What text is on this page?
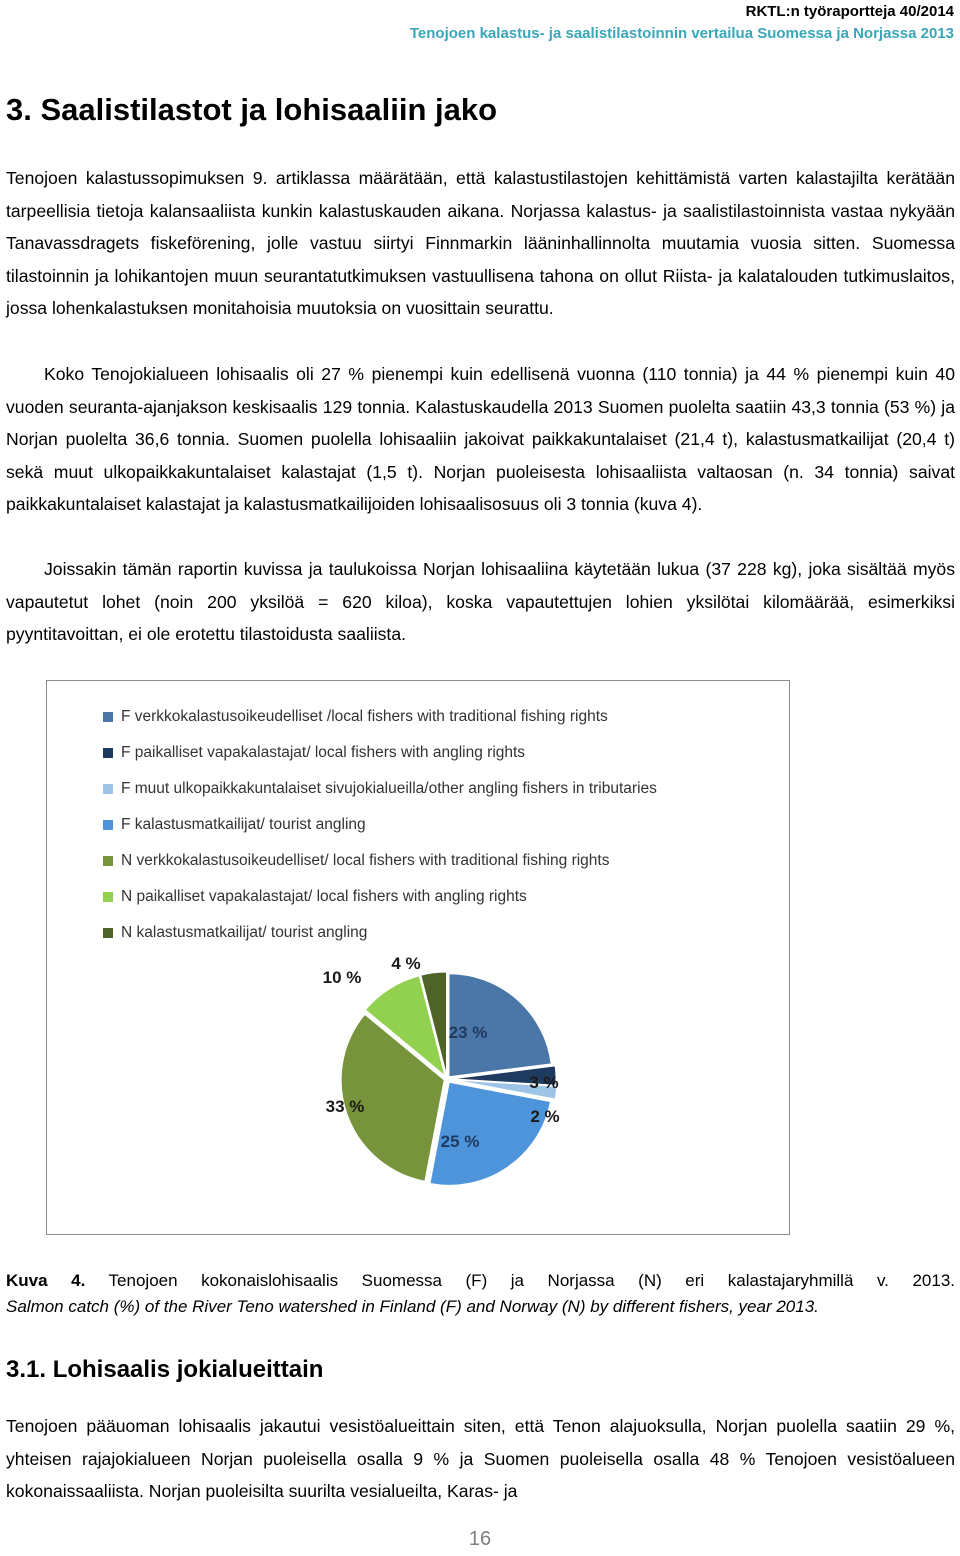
RKTL:n työraportteja 40/2014
Tenojoen kalastus- ja saalistilastoinnin vertailua Suomessa ja Norjassa 2013
3. Saalistilastot ja lohisaaliin jako

Tenojoen kalastussopimuksen 9. artiklassa määrätään, että kalastustilastojen kehittämistä varten kalastajilta kerätään tarpeellisia tietoja kalansaaliista kunkin kalastuskauden aikana. Norjassa kalastus- ja saalistilastoinnista vastaa nykyään Tanavassdragets fiskeförening, jolle vastuu siirtyi Finnmarkin lääninhallinnolta muutamia vuosia sitten. Suomessa tilastoinnin ja lohikantojen muun seurantatutkimuksen vastuullisena tahona on ollut Riista- ja kalatalouden tutkimuslaitos, jossa lohenkalastuksen monitahoisia muutoksia on vuosittain seurattu.

Koko Tenojokialueen lohisaalis oli 27 % pienempi kuin edellisenä vuonna (110 tonnia) ja 44 % pienempi kuin 40 vuoden seuranta-ajanjakson keskisaalis 129 tonnia. Kalastuskaudella 2013 Suomen puolelta saatiin 43,3 tonnia (53 %) ja Norjan puolelta 36,6 tonnia. Suomen puolella lohisaaliin jakoivat paikkakuntalaiset (21,4 t), kalastusmatkailijat (20,4 t) sekä muut ulkopaikkakuntalaiset kalastajat (1,5 t). Norjan puoleisesta lohisaaliista valtaosan (n. 34 tonnia) saivat paikkakuntalaiset kalastajat ja kalastusmatkailijoiden lohisaalisosuus oli 3 tonnia (kuva 4).

Joissakin tämän raportin kuvissa ja taulukoissa Norjan lohisaaliina käytetään lukua (37 228 kg), joka sisältää myös vapautetut lohet (noin 200 yksilöä = 620 kiloa), koska vapautettujen lohien yksilötai kilomäärää, esimerkiksi pyyntitavoittan, ei ole erotettu tilastoidusta saaliista.

F verkkokalastusoikeudelliset /local fishers with traditional fishing rights
F paikalliset vapakalastajat/ local fishers with angling rights
F muut ulkopaikkakuntalaiset sivujokialueilla/other angling fishers in tributaries
F kalastusmatkailijat/ tourist angling
N verkkokalastusoikeudelliset/ local fishers with traditional fishing rights
N paikalliset vapakalastajat/ local fishers with angling rights
N kalastusmatkailijat/ tourist angling
23 %
3 %
2 %
25 %
33 %
10 %
4 %
Kuva 4. Tenojoen kokonaislohisaalis Suomessa (F) ja Norjassa (N) eri kalastajaryhmillä v. 2013.
Salmon catch (%) of the River Teno watershed in Finland (F) and Norway (N) by different fishers, year 2013.
3.1. Lohisaalis jokialueittain

Tenojoen pääuoman lohisaalis jakautui vesistöalueittain siten, että Tenon alajuoksulla, Norjan puolella saatiin 29 %, yhteisen rajajokialueen Norjan puoleisella osalla 9 % ja Suomen puoleisella osalla 48 % Tenojoen vesistöalueen kokonaissaaliista. Norjan puoleisilta suurilta vesialueilta, Karas- ja

16
